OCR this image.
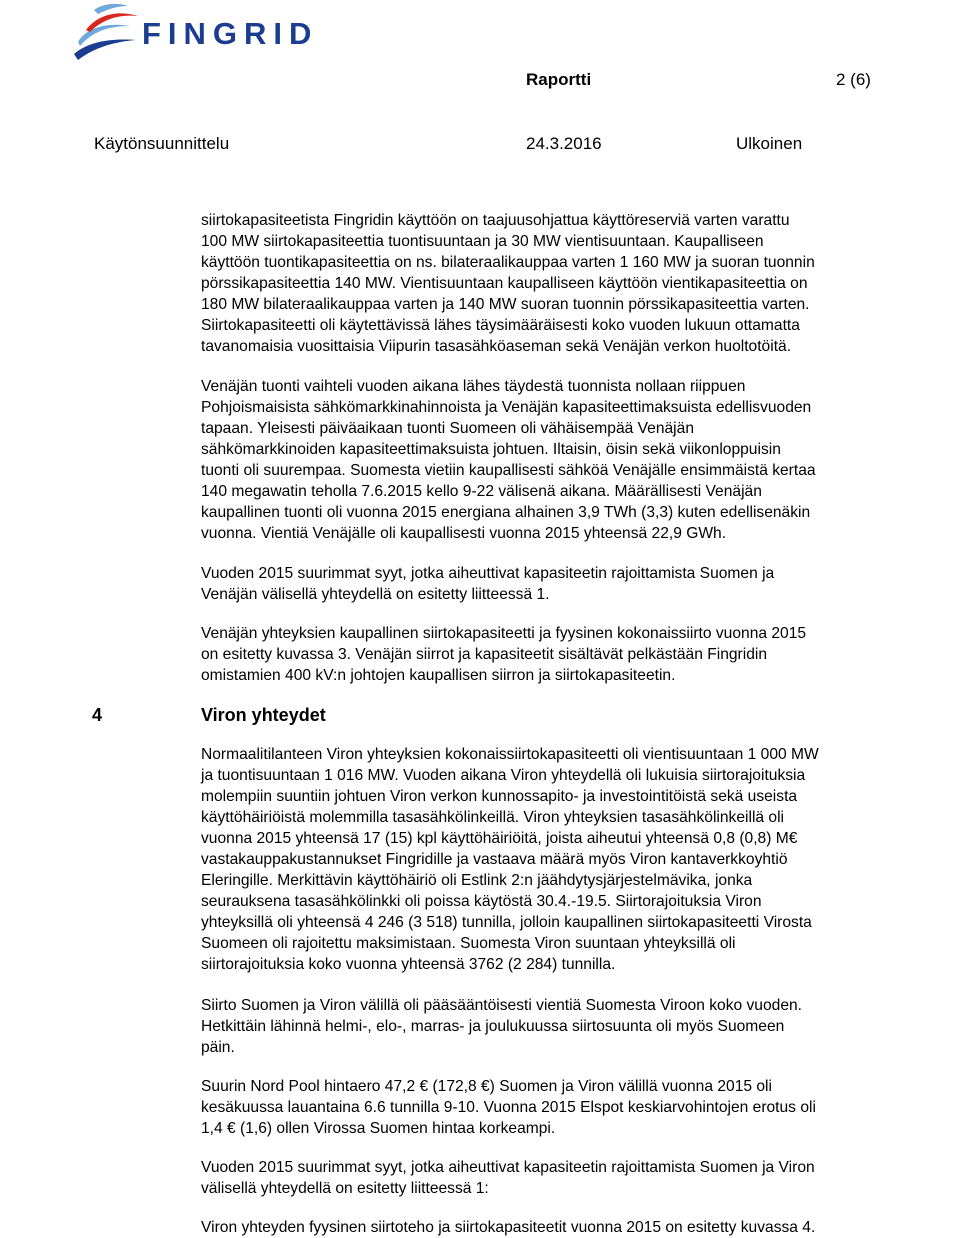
FINGRID
Raportti	2 (6)
Käytönsuunnittelu	24.3.2016	Ulkoinen
siirtokapasiteetista Fingridin käyttöön on taajuusohjattua käyttöreserviä varten varattu
100 MW siirtokapasiteettia tuontisuuntaan ja 30 MW vientisuuntaan. Kaupalliseen
käyttöön tuontikapasiteettia on ns. bilateraalikauppaa varten 1 160 MW ja suoran tuonnin
pörssikapasiteettia 140 MW. Vientisuuntaan kaupalliseen käyttöön vientikapasiteettia on
180 MW bilateraalikauppaa varten ja 140 MW suoran tuonnin pörssikapasiteettia varten.
Siirtokapasiteetti oli käytettävissä lähes täysimääräisesti koko vuoden lukuun ottamatta
tavanomaisia vuosittaisia Viipurin tasasähköaseman sekä Venäjän verkon huoltotöitä.
Venäjän tuonti vaihteli vuoden aikana lähes täydestä tuonnista nollaan riippuen
Pohjoismaisista sähkömarkkinahinnoista ja Venäjän kapasiteettimaksuista edellisvuoden
tapaan. Yleisesti päiväaikaan tuonti Suomeen oli vähäisempää Venäjän
sähkömarkkinoiden kapasiteettimaksuista johtuen. Iltaisin, öisin sekä viikonloppuisin
tuonti oli suurempaa. Suomesta vietiin kaupallisesti sähköä Venäjälle ensimmäistä kertaa
140 megawatin teholla 7.6.2015 kello 9-22 välisenä aikana. Määrällisesti Venäjän
kaupallinen tuonti oli vuonna 2015 energiana alhainen 3,9 TWh (3,3) kuten edellisenäkin
vuonna. Vientiä Venäjälle oli kaupallisesti vuonna 2015 yhteensä 22,9 GWh.
Vuoden 2015 suurimmat syyt, jotka aiheuttivat kapasiteetin rajoittamista Suomen ja
Venäjän välisellä yhteydellä on esitetty liitteessä 1.
Venäjän yhteyksien kaupallinen siirtokapasiteetti ja fyysinen kokonaissiirto vuonna 2015
on esitetty kuvassa 3. Venäjän siirrot ja kapasiteetit sisältävät pelkästään Fingridin
omistamien 400 kV:n johtojen kaupallisen siirron ja siirtokapasiteetin.
4	Viron yhteydet
Normaalitilanteen Viron yhteyksien kokonaissiirtokapasiteetti oli vientisuuntaan 1 000 MW
ja tuontisuuntaan 1 016 MW. Vuoden aikana Viron yhteydellä oli lukuisia siirtorajoituksia
molempiin suuntiin johtuen Viron verkon kunnossapito- ja investointitöistä sekä useista
käyttöhäiriöistä molemmilla tasasähkölinkeillä. Viron yhteyksien tasasähkölinkeillä oli
vuonna 2015 yhteensä 17 (15) kpl käyttöhäiriöitä, joista aiheutui yhteensä 0,8 (0,8) M€
vastakauppakustannukset Fingridille ja vastaava määrä myös Viron kantaverkkoyhtiö
Eleringille. Merkittävin käyttöhäiriö oli Estlink 2:n jäähdytysjärjestelmävika, jonka
seurauksena tasasähkölinkki oli poissa käytöstä 30.4.-19.5. Siirtorajoituksia Viron
yhteyksillä oli yhteensä 4 246 (3 518) tunnilla, jolloin kaupallinen siirtokapasiteetti Virosta
Suomeen oli rajoitettu maksimistaan. Suomesta Viron suuntaan yhteyksillä oli
siirtorajoituksia koko vuonna yhteensä 3762 (2 284) tunnilla.
Siirto Suomen ja Viron välillä oli pääsääntöisesti vientiä Suomesta Viroon koko vuoden.
Hetkittäin lähinnä helmi-, elo-, marras- ja joulukuussa siirtosuunta oli myös Suomeen
päin.
Suurin Nord Pool hintaero 47,2 € (172,8 €) Suomen ja Viron välillä vuonna 2015 oli
kesäkuussa lauantaina 6.6 tunnilla 9-10. Vuonna 2015 Elspot keskiarvohintojen erotus oli
1,4 € (1,6) ollen Virossa Suomen hintaa korkeampi.
Vuoden 2015 suurimmat syyt, jotka aiheuttivat kapasiteetin rajoittamista Suomen ja Viron
välisellä yhteydellä on esitetty liitteessä 1:
Viron yhteyden fyysinen siirtoteho ja siirtokapasiteetit vuonna 2015 on esitetty kuvassa 4.
